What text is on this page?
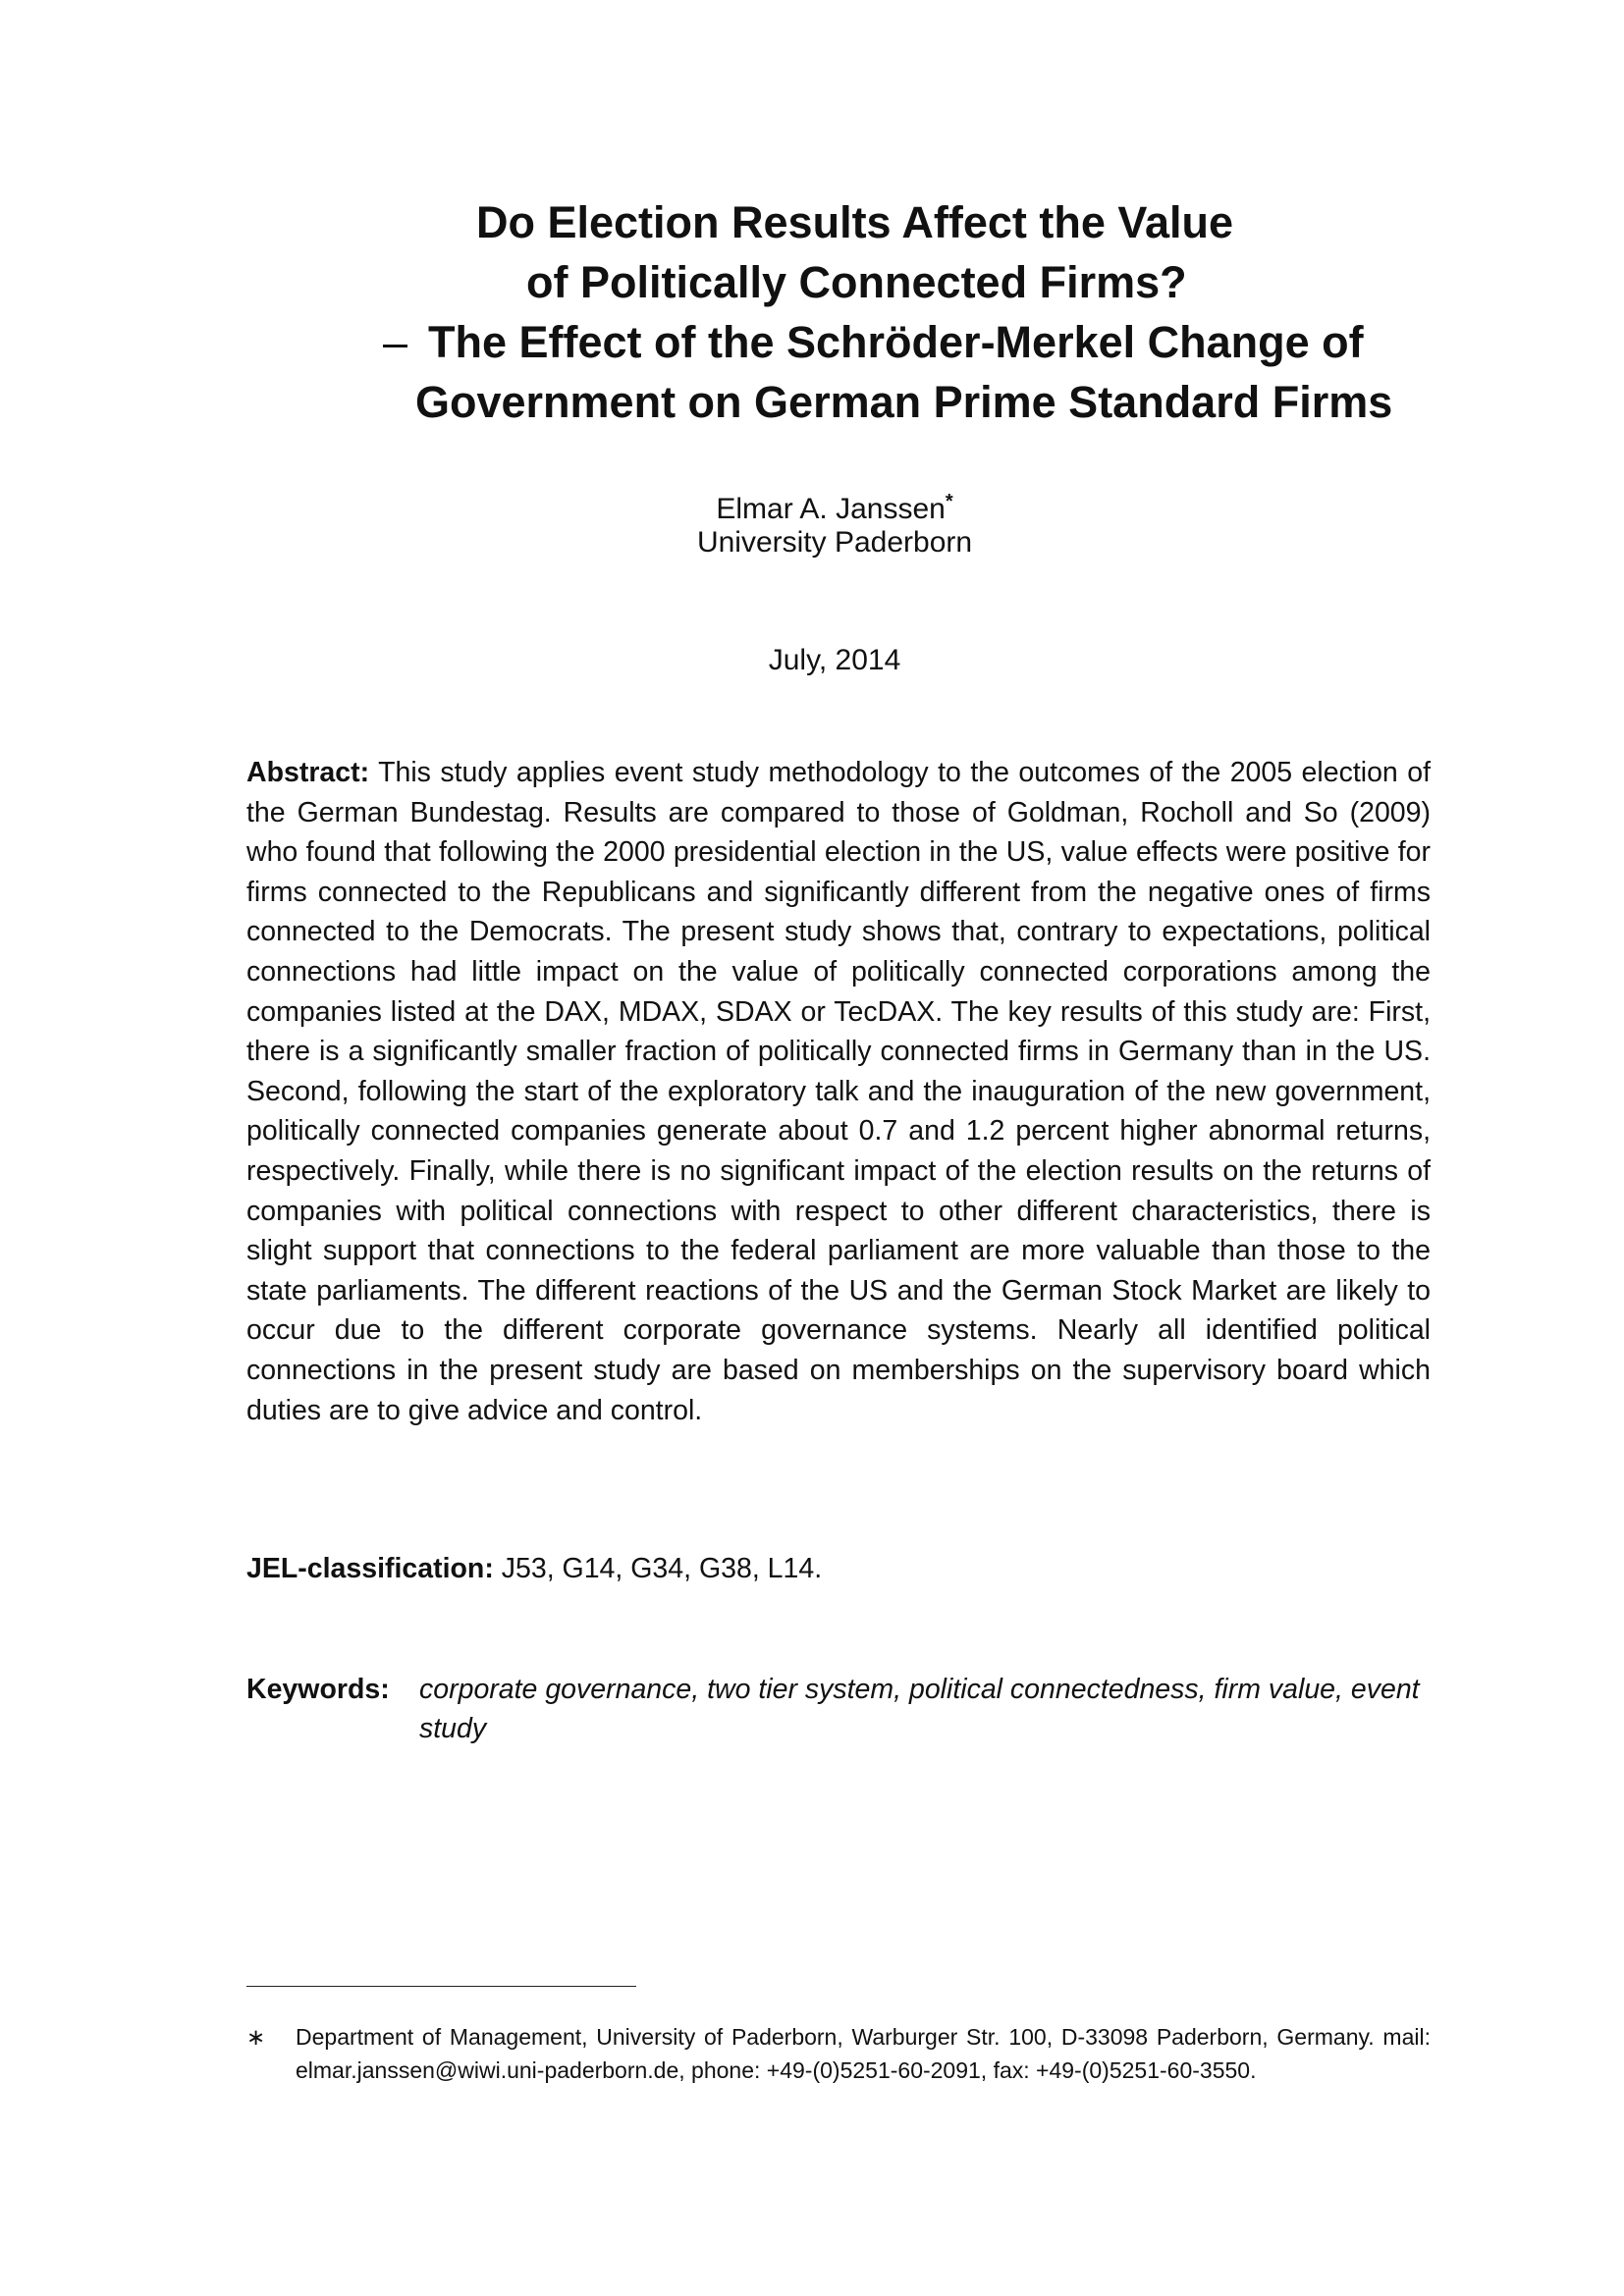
Do Election Results Affect the Value
of Politically Connected Firms?
– The Effect of the Schröder-Merkel Change of
Government on German Prime Standard Firms
Elmar A. Janssen*
University Paderborn
July, 2014
Abstract: This study applies event study methodology to the outcomes of the 2005 election of the German Bundestag. Results are compared to those of Goldman, Rocholl and So (2009) who found that following the 2000 presidential election in the US, value effects were positive for firms connected to the Republicans and significantly different from the negative ones of firms connected to the Democrats. The present study shows that, contrary to expectations, political connections had little impact on the value of politically connected corporations among the companies listed at the DAX, MDAX, SDAX or TecDAX. The key results of this study are: First, there is a significantly smaller fraction of politically connected firms in Germany than in the US. Second, following the start of the exploratory talk and the inauguration of the new government, politically connected companies generate about 0.7 and 1.2 percent higher abnormal returns, respectively. Finally, while there is no significant impact of the election results on the returns of companies with political connections with respect to other different characteristics, there is slight support that connections to the federal parliament are more valuable than those to the state parliaments. The different reactions of the US and the German Stock Market are likely to occur due to the different corporate governance systems. Nearly all identified political connections in the present study are based on memberships on the supervisory board which duties are to give advice and control.
JEL-classification: J53, G14, G34, G38, L14.
Keywords:	corporate governance, two tier system, political connectedness, firm value, event study
∗	Department of Management, University of Paderborn, Warburger Str. 100, D-33098 Paderborn, Germany. mail: elmar.janssen@wiwi.uni-paderborn.de, phone: +49-(0)5251-60-2091, fax: +49-(0)5251-60-3550.
